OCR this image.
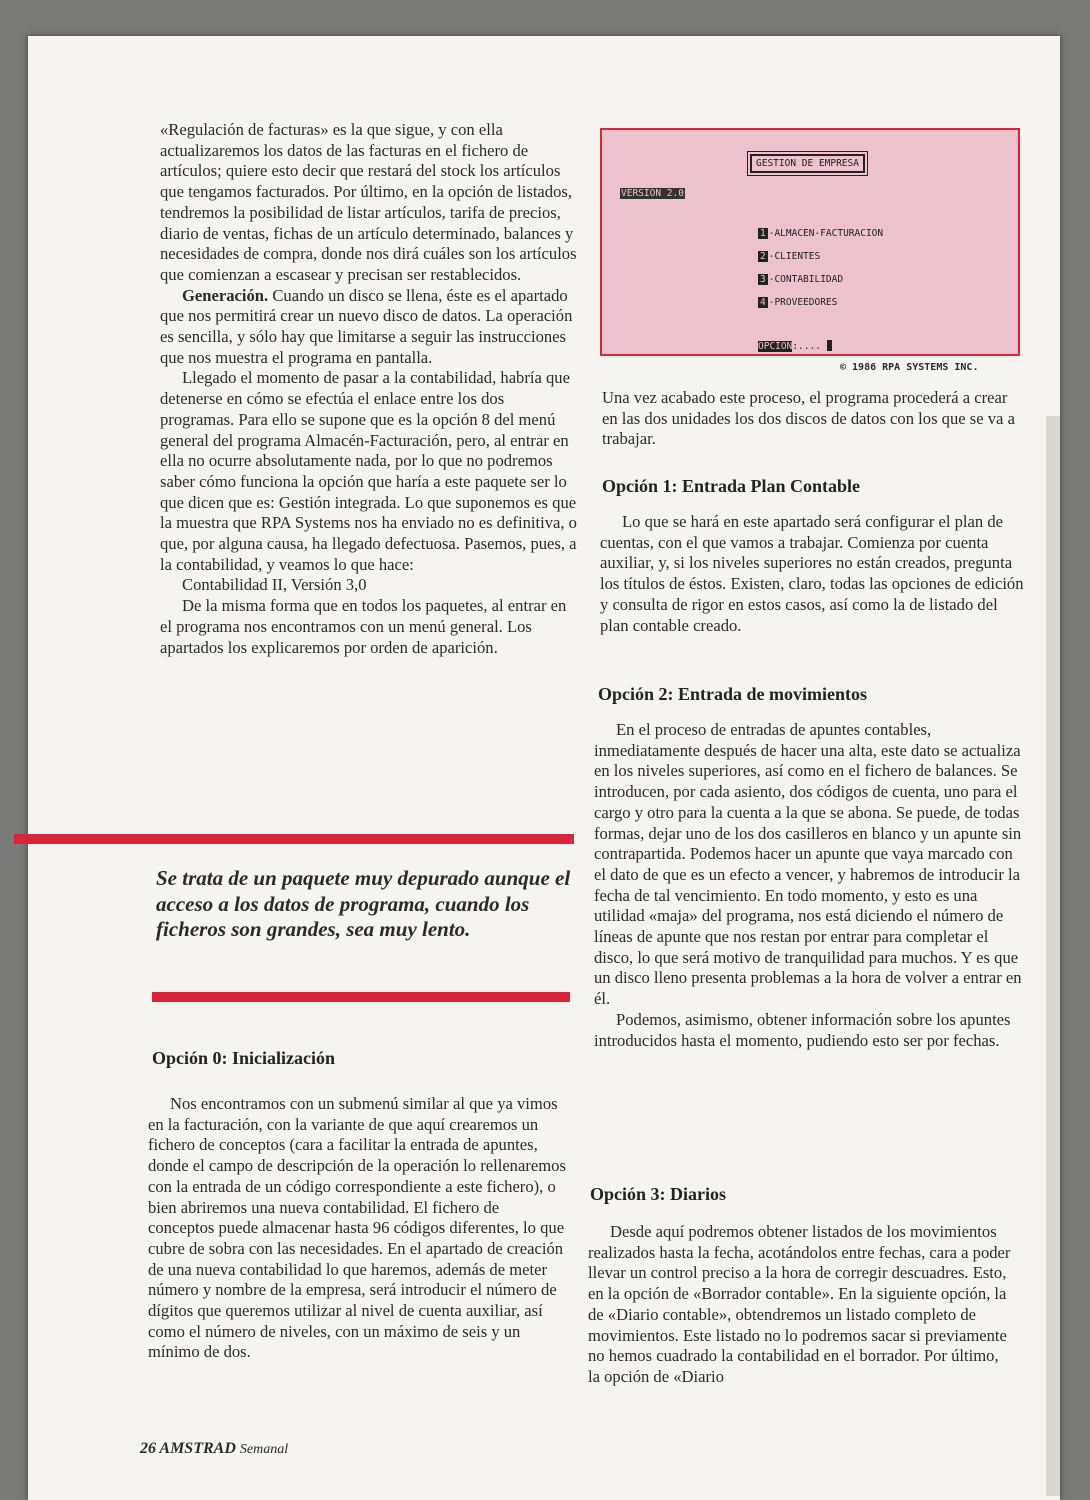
«Regulación de facturas» es la que sigue, y con ella actualizaremos los datos de las facturas en el fichero de artículos; quiere esto decir que restará del stock los artículos que tengamos facturados. Por último, en la opción de listados, tendremos la posibilidad de listar artículos, tarifa de precios, diario de ventas, fichas de un artículo determinado, balances y necesidades de compra, donde nos dirá cuáles son los artículos que comienzan a escasear y precisan ser restablecidos.

Generación. Cuando un disco se llena, éste es el apartado que nos permitirá crear un nuevo disco de datos. La operación es sencilla, y sólo hay que limitarse a seguir las instrucciones que nos muestra el programa en pantalla.

Llegado el momento de pasar a la contabilidad, habría que detenerse en cómo se efectúa el enlace entre los dos programas. Para ello se supone que es la opción 8 del menú general del programa Almacén-Facturación, pero, al entrar en ella no ocurre absolutamente nada, por lo que no podremos saber cómo funciona la opción que haría a este paquete ser lo que dicen que es: Gestión integrada. Lo que suponemos es que la muestra que RPA Systems nos ha enviado no es definitiva, o que, por alguna causa, ha llegado defectuosa. Pasemos, pues, a la contabilidad, y veamos lo que hace:

Contabilidad II, Versión 3,0

De la misma forma que en todos los paquetes, al entrar en el programa nos encontramos con un menú general. Los apartados los explicaremos por orden de aparición.

Se trata de un paquete muy depurado aunque el acceso a los datos de programa, cuando los ficheros son grandes, sea muy lento.
Opción 0: Inicialización

Nos encontramos con un submenú similar al que ya vimos en la facturación, con la variante de que aquí crearemos un fichero de conceptos (cara a facilitar la entrada de apuntes, donde el campo de descripción de la operación lo rellenaremos con la entrada de un código correspondiente a este fichero), o bien abriremos una nueva contabilidad. El fichero de conceptos puede almacenar hasta 96 códigos diferentes, lo que cubre de sobra con las necesidades. En el apartado de creación de una nueva contabilidad lo que haremos, además de meter número y nombre de la empresa, será introducir el número de dígitos que queremos utilizar al nivel de cuenta auxiliar, así como el número de niveles, con un máximo de seis y un mínimo de dos.

GESTION DE EMPRESA
VERSION 2.0
1 -ALMACEN-FACTURACION
2 -CLIENTES
3 -CONTABILIDAD
4 -PROVEEDORES
OPCION:....
© 1986 RPA SYSTEMS INC.

Una vez acabado este proceso, el programa procederá a crear en las dos unidades los dos discos de datos con los que se va a trabajar.

Opción 1: Entrada Plan Contable

Lo que se hará en este apartado será configurar el plan de cuentas, con el que vamos a trabajar. Comienza por cuenta auxiliar, y, si los niveles superiores no están creados, pregunta los títulos de éstos. Existen, claro, todas las opciones de edición y consulta de rigor en estos casos, así como la de listado del plan contable creado.

Opción 2: Entrada de movimientos

En el proceso de entradas de apuntes contables, inmediatamente después de hacer una alta, este dato se actualiza en los niveles superiores, así como en el fichero de balances. Se introducen, por cada asiento, dos códigos de cuenta, uno para el cargo y otro para la cuenta a la que se abona. Se puede, de todas formas, dejar uno de los dos casilleros en blanco y un apunte sin contrapartida. Podemos hacer un apunte que vaya marcado con el dato de que es un efecto a vencer, y habremos de introducir la fecha de tal vencimiento. En todo momento, y esto es una utilidad «maja» del programa, nos está diciendo el número de líneas de apunte que nos restan por entrar para completar el disco, lo que será motivo de tranquilidad para muchos. Y es que un disco lleno presenta problemas a la hora de volver a entrar en él.

Podemos, asimismo, obtener información sobre los apuntes introducidos hasta el momento, pudiendo esto ser por fechas.

Opción 3: Diarios

Desde aquí podremos obtener listados de los movimientos realizados hasta la fecha, acotándolos entre fechas, cara a poder llevar un control preciso a la hora de corregir descuadres. Esto, en la opción de «Borrador contable». En la siguiente opción, la de «Diario contable», obtendremos un listado completo de movimientos. Este listado no lo podremos sacar si previamente no hemos cuadrado la contabilidad en el borrador. Por último, la opción de «Diario

26 AMSTRAD Semanal
